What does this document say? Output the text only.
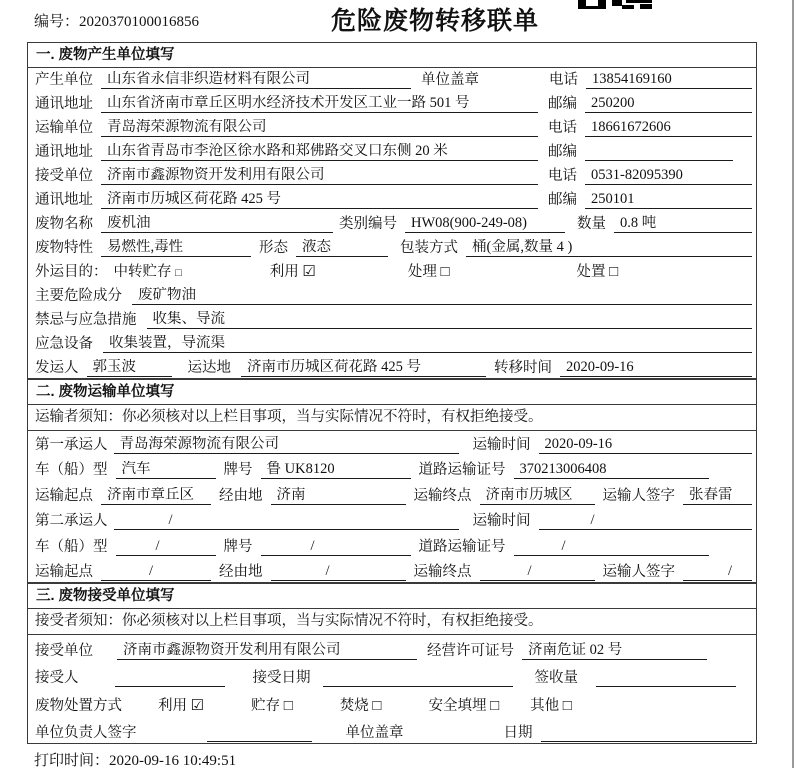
编号：2020370100016856	危险废物转移联单
一. 废物产生单位填写
产生单位 山东省永信非织造材料有限公司	单位盖章	电话 13854169160
通讯地址 山东省济南市章丘区明水经济技术开发区工业一路 501 号	邮编 250200
运输单位 青岛海荣源物流有限公司	电话 18661672606
通讯地址 山东省青岛市李沧区徐水路和郑佛路交叉口东侧 20 米	邮编
接受单位 济南市鑫源物资开发利用有限公司	电话 0531-82095390
通讯地址 济南市历城区荷花路 425 号	邮编 250101
废物名称 废机油	类别编号 HW08(900-249-08)	数量 0.8 吨
废物特性 易燃性,毒性	形态 液态	包装方式 桶(金属,数量 4 )
外运目的： 中转贮存 □	利用 ☑	处理 □	处置 □
主要危险成分	废矿物油
禁忌与应急措施	收集、导流
应急设备	收集装置，导流渠
发运人 郭玉波	运达地	济南市历城区荷花路 425 号	转移时间 2020-09-16
二. 废物运输单位填写
运输者须知：你必须核对以上栏目事项，当与实际情况不符时，有权拒绝接受。
第一承运人 青岛海荣源物流有限公司	运输时间 2020-09-16
车（船）型 汽车	牌号 鲁 UK8120	道路运输证号 370213006408
运输起点 济南市章丘区	经由地 济南	运输终点 济南市历城区	运输人签字 张春雷
第二承运人	/	运输时间	/
车（船）型	/	牌号	/	道路运输证号	/
运输起点	/	经由地	/	运输终点	/	运输人签字	/
三. 废物接受单位填写
接受者须知：你必须核对以上栏目事项，当与实际情况不符时，有权拒绝接受。
接受单位	济南市鑫源物资开发利用有限公司	经营许可证号 济南危证 02 号
接受人	接受日期	签收量
废物处置方式 利用 ☑	贮存 □	焚烧 □	安全填埋 □ 其他 □
单位负责人签字	单位盖章	日期
打印时间：2020-09-16 10:49:51
